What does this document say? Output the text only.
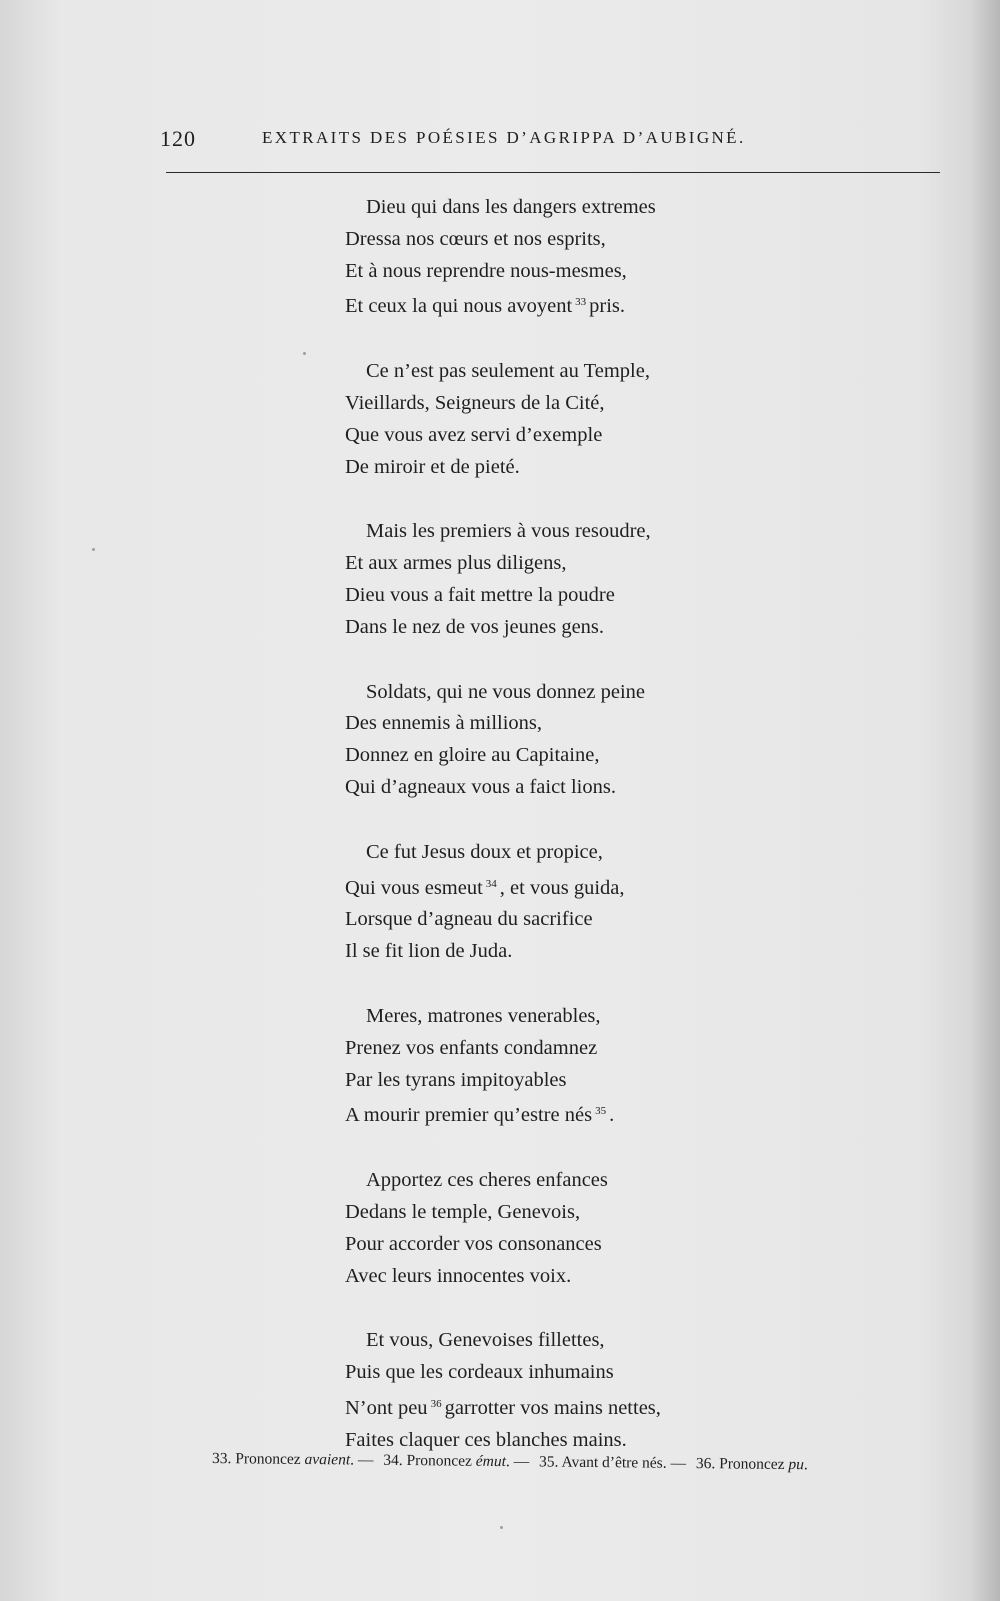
120	EXTRAITS DES POÉSIES D’AGRIPPA D’AUBIGNÉ.
Dieu qui dans les dangers extremes
Dressa nos cœurs et nos esprits,
Et à nous reprendre nous-mesmes,
Et ceux la qui nous avoyent $^{33}$ pris.
Ce n’est pas seulement au Temple,
Vieillards, Seigneurs de la Cité,
Que vous avez servi d’exemple
De miroir et de pieté.
Mais les premiers à vous resoudre,
Et aux armes plus diligens,
Dieu vous a fait mettre la poudre
Dans le nez de vos jeunes gens.
Soldats, qui ne vous donnez peine
Des ennemis à millions,
Donnez en gloire au Capitaine,
Qui d’agneaux vous a faict lions.
Ce fut Jesus doux et propice,
Qui vous esmeut $^{34}$ , et vous guida,
Lorsque d’agneau du sacrifice
Il se fit lion de Juda.
Meres, matrones venerables,
Prenez vos enfants condamnez
Par les tyrans impitoyables
A mourir premier qu’estre nés $^{35}$ .
Apportez ces cheres enfances
Dedans le temple, Genevois,
Pour accorder vos consonances
Avec leurs innocentes voix.
Et vous, Genevoises fillettes,
Puis que les cordeaux inhumains
N’ont peu $^{36}$ garrotter vos mains nettes,
Faites claquer ces blanches mains.
33. Prononcez avaient. — 34. Prononcez émut. — 35. Avant d’être nés. — 36. Prononcez pu.
